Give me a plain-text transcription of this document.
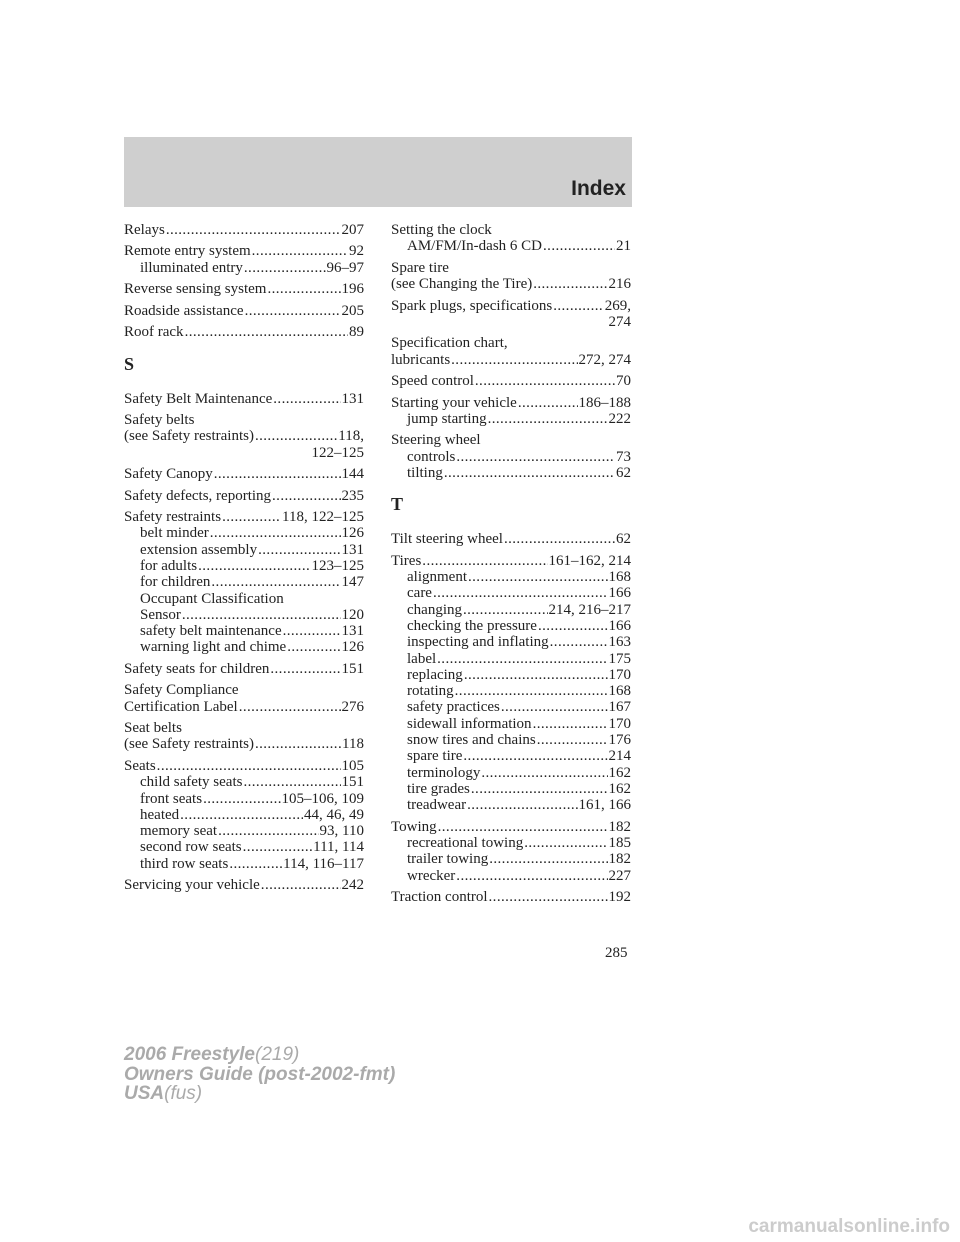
Index
Relays .....	207
Remote entry system .....	92
illuminated entry .....	96–97
Reverse sensing system .....	196
Roadside assistance .....	205
Roof rack .....	89
S
Safety Belt Maintenance .....	131
Safety belts
(see Safety restraints) .....	118,
122–125
Safety Canopy .....	144
Safety defects, reporting .....	235
Safety restraints .....	118, 122–125
belt minder .....	126
extension assembly .....	131
for adults .....	123–125
for children .....	147
Occupant Classification
Sensor .....	120
safety belt maintenance .....	131
warning light and chime .....	126
Safety seats for children .....	151
Safety Compliance
Certification Label .....	276
Seat belts
(see Safety restraints) .....	118
Seats .....	105
child safety seats .....	151
front seats .....	105–106, 109
heated .....	44, 46, 49
memory seat .....	93, 110
second row seats .....	111, 114
third row seats .....	114, 116–117
Servicing your vehicle .....	242
Setting the clock
AM/FM/In-dash 6 CD .....	21
Spare tire
(see Changing the Tire) .....	216
Spark plugs, specifications .....	269,
274
Specification chart,
lubricants .....	272, 274
Speed control .....	70
Starting your vehicle .....	186–188
jump starting .....	222
Steering wheel
controls .....	73
tilting .....	62
T
Tilt steering wheel .....	62
Tires .....	161–162, 214
alignment .....	168
care .....	166
changing .....	214, 216–217
checking the pressure .....	166
inspecting and inflating .....	163
label .....	175
replacing .....	170
rotating .....	168
safety practices .....	167
sidewall information .....	170
snow tires and chains .....	176
spare tire .....	214
terminology .....	162
tire grades .....	162
treadwear .....	161, 166
Towing .....	182
recreational towing .....	185
trailer towing .....	182
wrecker .....	227
Traction control .....	192
285
2006 Freestyle(219)
Owners Guide (post-2002-fmt)
USA(fus)
carmanualsonline.info
